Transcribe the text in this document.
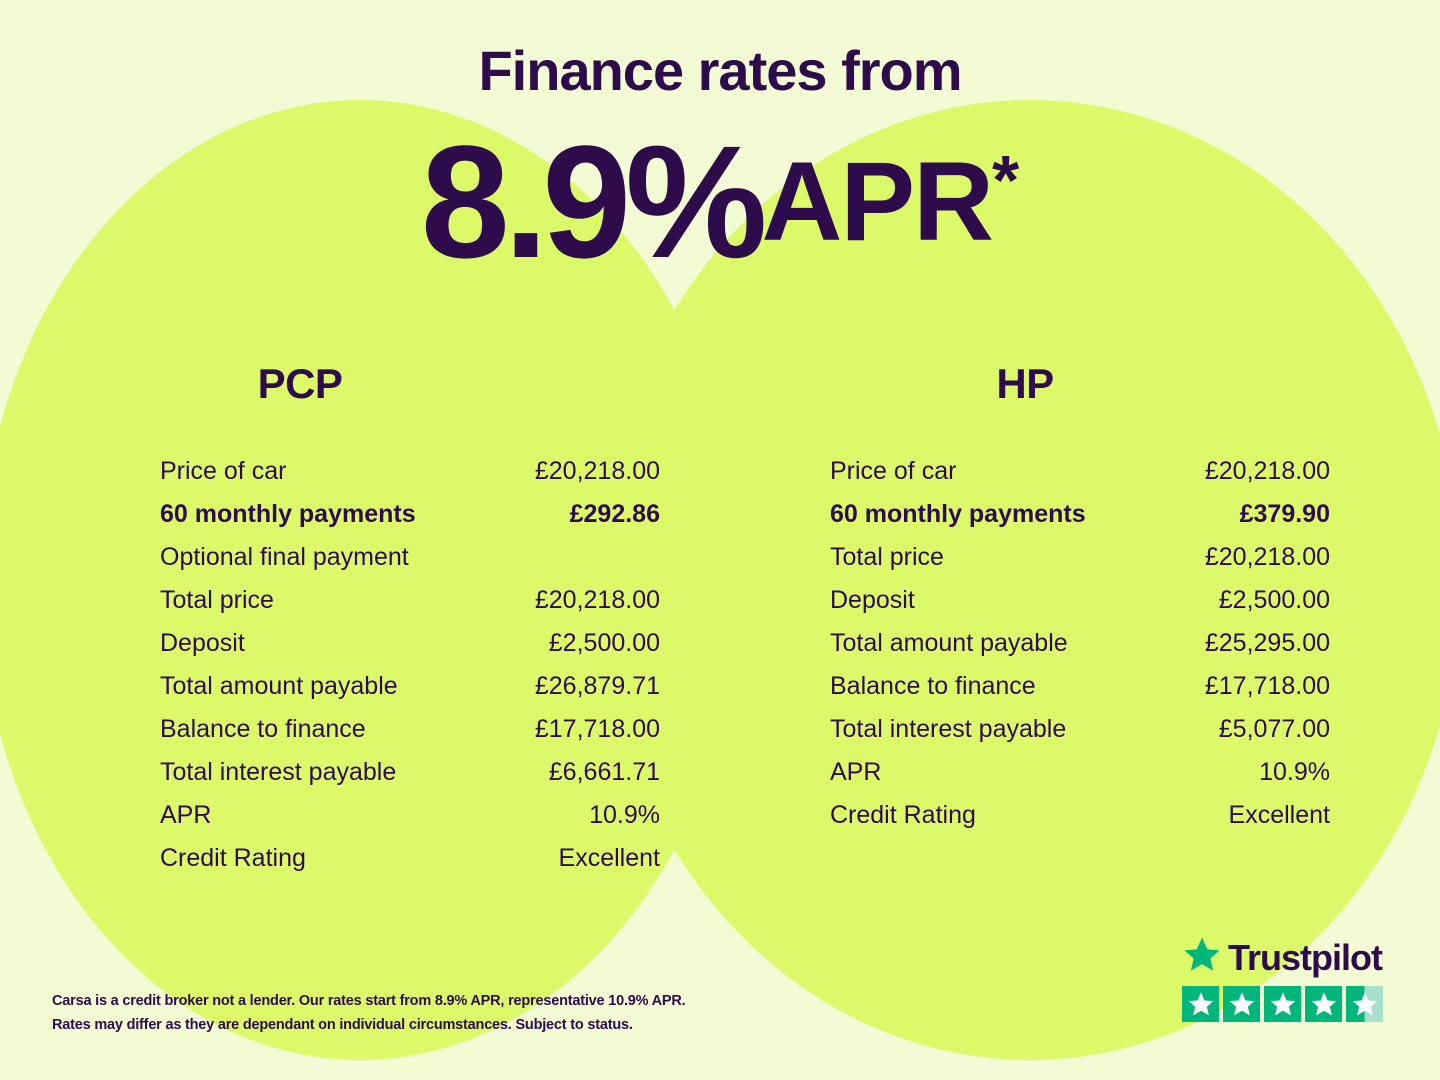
Finance rates from
8.9%APR*
PCP
Price of car	£20,218.00
60 monthly payments	£292.86
Optional final payment
Total price	£20,218.00
Deposit	£2,500.00
Total amount payable	£26,879.71
Balance to finance	£17,718.00
Total interest payable	£6,661.71
APR	10.9%
Credit Rating	Excellent
HP
Price of car	£20,218.00
60 monthly payments	£379.90
Total price	£20,218.00
Deposit	£2,500.00
Total amount payable	£25,295.00
Balance to finance	£17,718.00
Total interest payable	£5,077.00
APR	10.9%
Credit Rating	Excellent
Carsa is a credit broker not a lender. Our rates start from 8.9% APR, representative 10.9% APR.
Rates may differ as they are dependant on individual circumstances. Subject to status.
Trustpilot
